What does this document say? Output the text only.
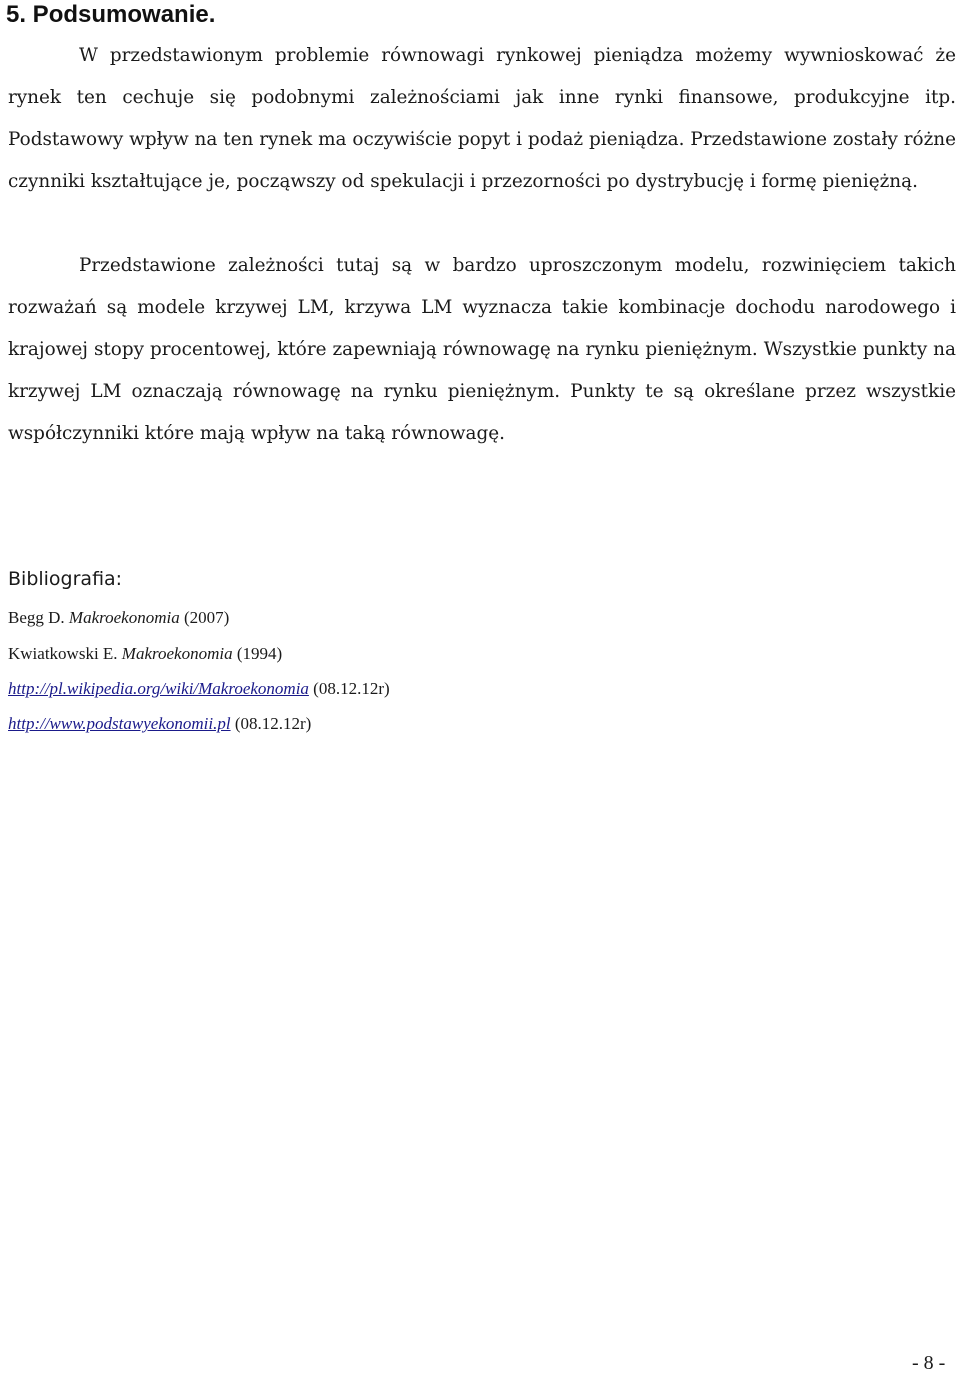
5. Podsumowanie.

W przedstawionym problemie równowagi rynkowej pieniądza możemy wywnioskować że rynek ten cechuje się podobnymi zależnościami jak inne rynki finansowe, produkcyjne itp. Podstawowy wpływ na ten rynek ma oczywiście popyt i podaż pieniądza. Przedstawione zostały różne czynniki kształtujące je, począwszy od spekulacji i przezorności po dystrybucję i formę pieniężną.

Przedstawione zależności tutaj są w bardzo uproszczonym modelu, rozwinięciem takich rozważań są modele krzywej LM, krzywa LM wyznacza takie kombinacje dochodu narodowego i krajowej stopy procentowej, które zapewniają równowagę na rynku pieniężnym. Wszystkie punkty na krzywej LM oznaczają równowagę na rynku pieniężnym. Punkty te są określane przez wszystkie współczynniki które mają wpływ na taką równowagę.

Bibliografia:
Begg D. Makroekonomia (2007)
Kwiatkowski E. Makroekonomia (1994)
http://pl.wikipedia.org/wiki/Makroekonomia (08.12.12r)
http://www.podstawyekonomii.pl (08.12.12r)
- 8 -
